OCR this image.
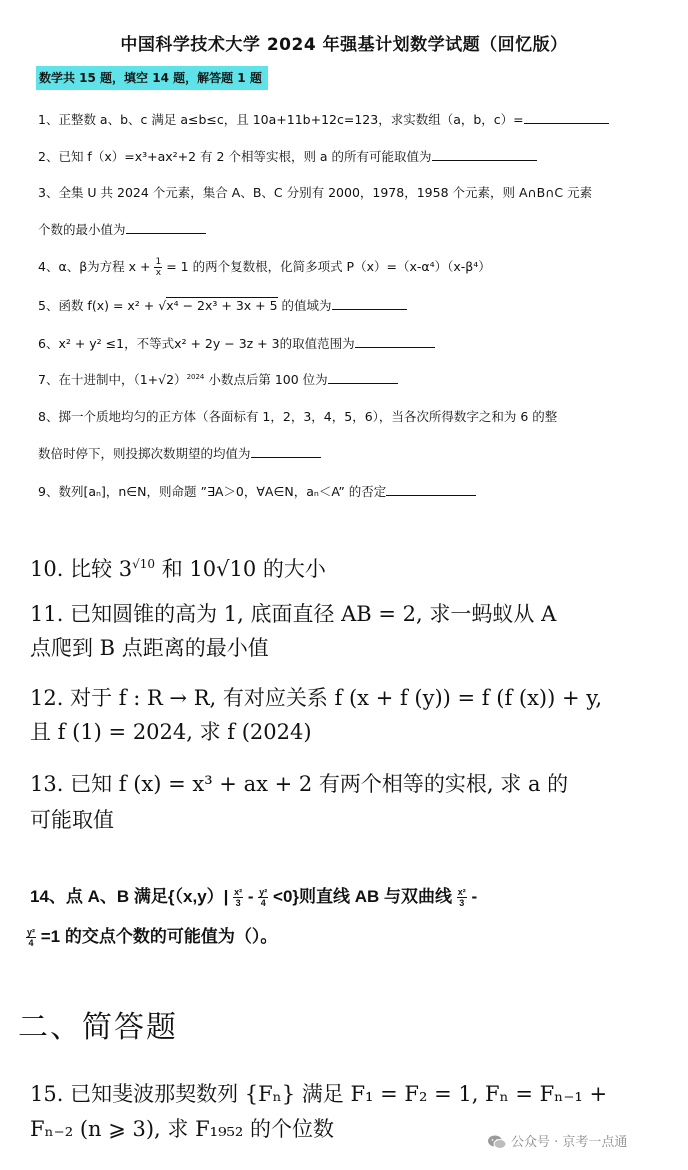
中国科学技术大学 2024 年强基计划数学试题（回忆版）
数学共 15 题，填空 14 题，解答题 1 题
1、正整数 a、b、c 满足 a≤b≤c，且 10a+11b+12c=123，求实数组（a，b，c）=
2、已知 f（x）=x³+ax²+2 有 2 个相等实根，则 a 的所有可能取值为
3、全集 U 共 2024 个元素，集合 A、B、C 分别有 2000，1978，1958 个元素，则 A∩B∩C 元素
个数的最小值为
4、α、β为方程 $x + \frac{1}{x} = 1$ 的两个复数根，化简多项式 P（x）=（x-α⁴）（x-β⁴）
5、函数 f(x) = x² + √x⁴ − 2x³ + 3x + 5 的值域为
6、x² + y² ≤1，不等式x² + 2y − 3z + 3的取值范围为
7、在十进制中，$(1+√2)^{2024}$ 小数点后第 100 位为
8、掷一个质地均匀的正方体（各面标有 1，2，3，4，5，6），当各次所得数字之和为 6 的整
数倍时停下，则投掷次数期望的均值为
9、数列[aₙ]，n∈N，则命题 ”∃A＞0，∀A∈N，aₙ＜A” 的否定
10. 比较 $3^{√10}$ 和 10√10 的大小
11. 已知圆锥的高为 1, 底面直径 AB = 2, 求一蚂蚁从 A
点爬到 B 点距离的最小值
12. 对于 f : R → R, 有对应关系 f (x + f (y)) = f (f (x)) + y,
且 f (1) = 2024, 求 f (2024)
13. 已知 f (x) = x³ + ax + 2 有两个相等的实根, 求 a 的
可能取值
14、点 A、B 满足$\{(x,y)| \frac{\text{x²}}{3} - \frac{\text{y²}}{4} <0\}$则直线 AB 与双曲线 $\frac{\text{x²}}{3}$ -
$\frac{\text{y²}}{4} =1$ 的交点个数的可能值为（）。
二、简答题
15. 已知斐波那契数列 {Fₙ} 满足 F₁ = F₂ = 1, Fₙ = Fₙ₋₁ +
Fₙ₋₂ (n ⩾ 3), 求 F₁₉₅₂ 的个位数
公众号 · 京考一点通
